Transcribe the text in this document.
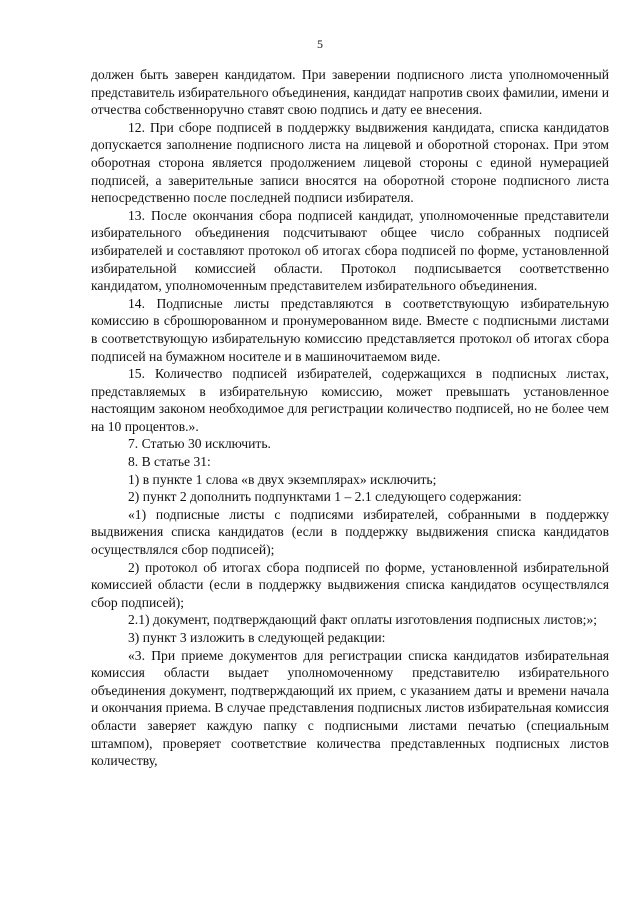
5

должен быть заверен кандидатом. При заверении подписного листа уполномоченный представитель избирательного объединения, кандидат напротив своих фамилии, имени и отчества собственноручно ставят свою подпись и дату ее внесения.

12. При сборе подписей в поддержку выдвижения кандидата, списка кандидатов допускается заполнение подписного листа на лицевой и оборотной сторонах. При этом оборотная сторона является продолжением лицевой стороны с единой нумерацией подписей, а заверительные записи вносятся на оборотной стороне подписного листа непосредственно после последней подписи избирателя.

13. После окончания сбора подписей кандидат, уполномоченные представители избирательного объединения подсчитывают общее число собранных подписей избирателей и составляют протокол об итогах сбора подписей по форме, установленной избирательной комиссией области. Протокол подписывается соответственно кандидатом, уполномоченным представителем избирательного объединения.

14. Подписные листы представляются в соответствующую избирательную комиссию в сброшюрованном и пронумерованном виде. Вместе с подписными листами в соответствующую избирательную комиссию представляется протокол об итогах сбора подписей на бумажном носителе и в машиночитаемом виде.

15. Количество подписей избирателей, содержащихся в подписных листах, представляемых в избирательную комиссию, может превышать установленное настоящим законом необходимое для регистрации количество подписей, но не более чем на 10 процентов.».

7. Статью 30 исключить.

8. В статье 31:

1) в пункте 1 слова «в двух экземплярах» исключить;

2) пункт 2 дополнить подпунктами 1 – 2.1 следующего содержания:

«1) подписные листы с подписями избирателей, собранными в поддержку выдвижения списка кандидатов (если в поддержку выдвижения списка кандидатов осуществлялся сбор подписей);

2) протокол об итогах сбора подписей по форме, установленной избирательной комиссией области (если в поддержку выдвижения списка кандидатов осуществлялся сбор подписей);

2.1) документ, подтверждающий факт оплаты изготовления подписных листов;»;

3) пункт 3 изложить в следующей редакции:

«3. При приеме документов для регистрации списка кандидатов избирательная комиссия области выдает уполномоченному представителю избирательного объединения документ, подтверждающий их прием, с указанием даты и времени начала и окончания приема. В случае представления подписных листов избирательная комиссия области заверяет каждую папку с подписными листами печатью (специальным штампом), проверяет соответствие количества представленных подписных листов количеству,
